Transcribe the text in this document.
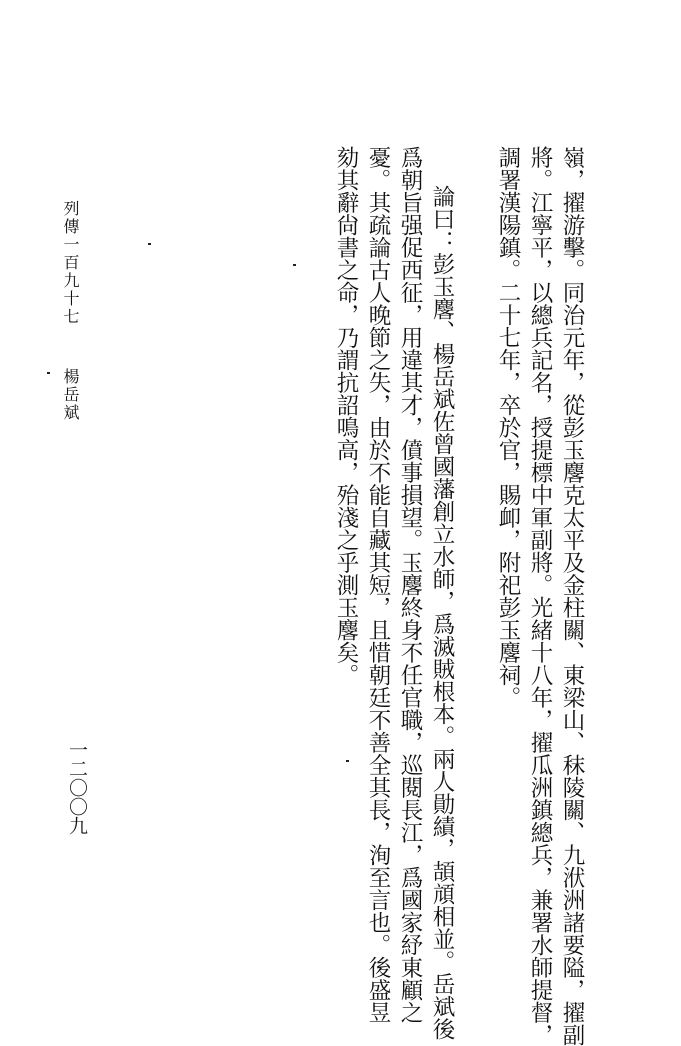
嶺，擢游擊。同治元年，從彭玉麐克太平及金柱關、東梁山、秣陵關、九洑洲諸要隘，擢副
將。江寧平，以總兵記名，授提標中軍副將。光緒十八年，擢瓜洲鎮總兵，兼署水師提督，
調署漢陽鎮。二十七年，卒於官，賜卹，附祀彭玉麐祠。
論曰：彭玉麐、楊岳斌佐曾國藩創立水師，爲滅賊根本。兩人勛績，頡頏相並。岳斌後
爲朝旨强促西征，用違其才，僨事損望。玉麐終身不任官職，巡閱長江，爲國家紓東顧之
憂。其疏論古人晚節之失，由於不能自藏其短，且惜朝廷不善全其長，洵至言也。後盛昱
劾其辭尙書之命，乃謂抗詔鳴高，殆淺之乎測玉麐矣。
列傳一百九十七
楊岳斌
一二〇〇九
